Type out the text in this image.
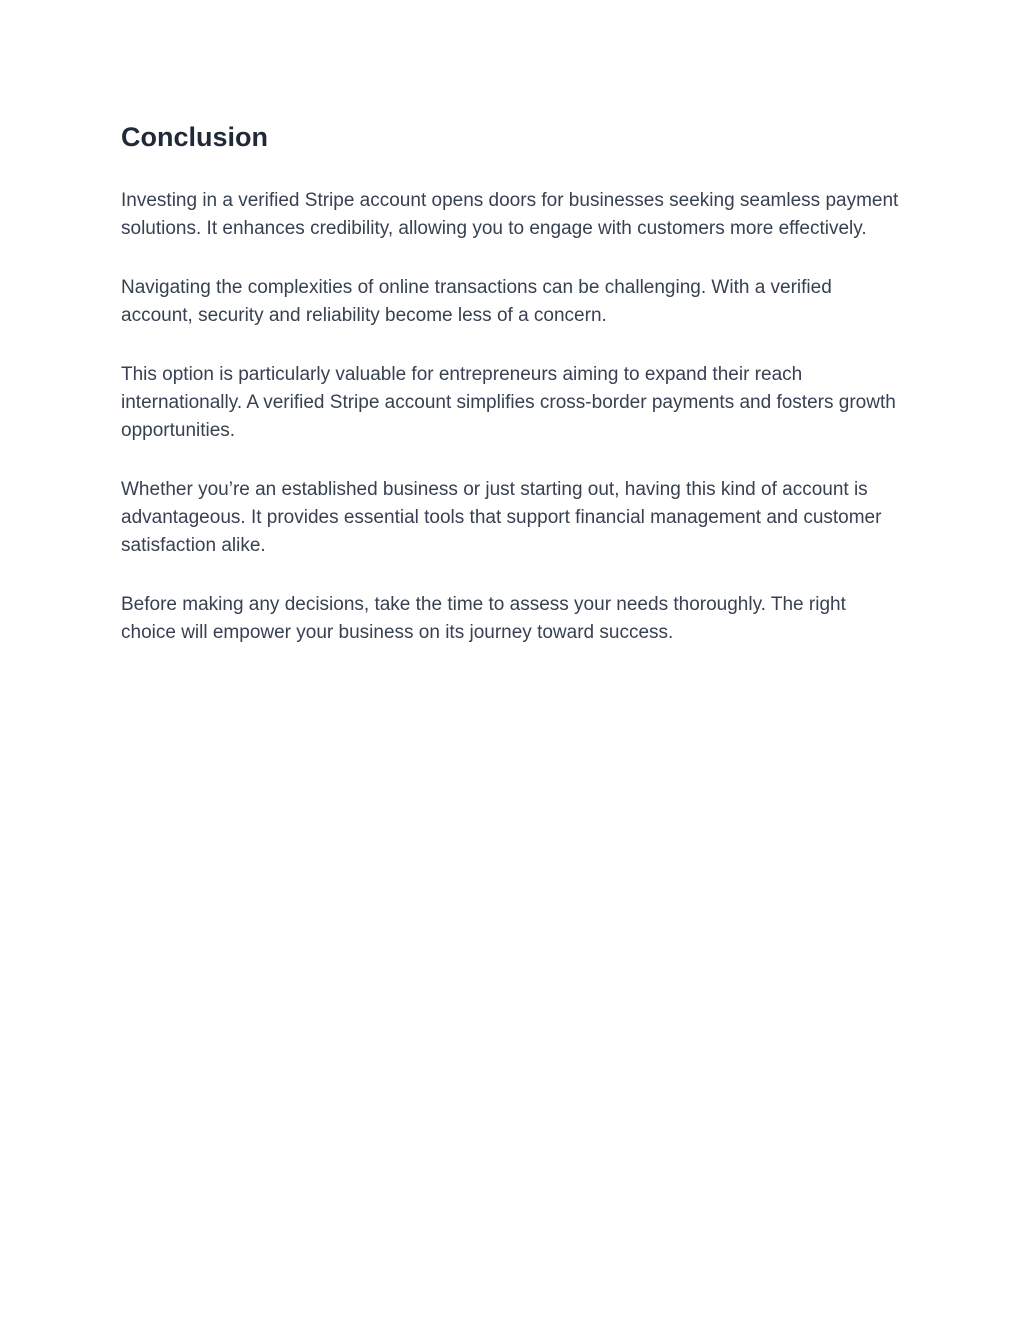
Conclusion

Investing in a verified Stripe account opens doors for businesses seeking seamless payment solutions. It enhances credibility, allowing you to engage with customers more effectively.

Navigating the complexities of online transactions can be challenging. With a verified account, security and reliability become less of a concern.

This option is particularly valuable for entrepreneurs aiming to expand their reach internationally. A verified Stripe account simplifies cross-border payments and fosters growth opportunities.

Whether you’re an established business or just starting out, having this kind of account is advantageous. It provides essential tools that support financial management and customer satisfaction alike.

Before making any decisions, take the time to assess your needs thoroughly. The right choice will empower your business on its journey toward success.
